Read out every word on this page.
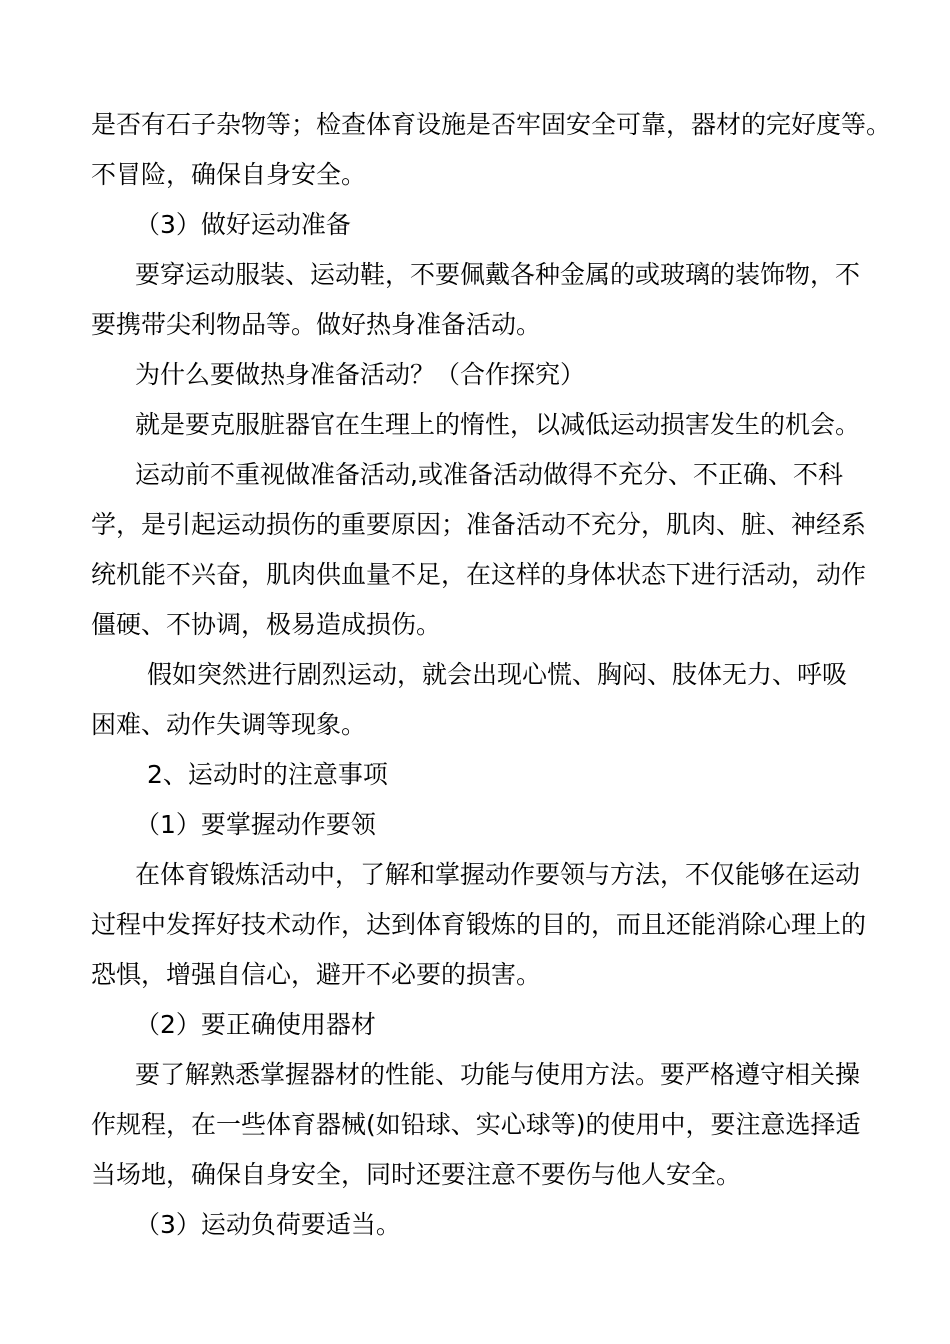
是否有石子杂物等；检查体育设施是否牢固安全可靠，器材的完好度等。

不冒险，确保自身安全。

（3）做好运动准备

要穿运动服装、运动鞋，不要佩戴各种金属的或玻璃的装饰物，不

要携带尖利物品等。做好热身准备活动。

为什么要做热身准备活动？（合作探究）

就是要克服脏器官在生理上的惰性，以减低运动损害发生的机会。

运动前不重视做准备活动,或准备活动做得不充分、不正确、不科

学，是引起运动损伤的重要原因；准备活动不充分，肌肉、脏、神经系

统机能不兴奋，肌肉供血量不足，在这样的身体状态下进行活动，动作

僵硬、不协调，极易造成损伤。

假如突然进行剧烈运动，就会出现心慌、胸闷、肢体无力、呼吸

困难、动作失调等现象。

2、运动时的注意事项

（1）要掌握动作要领

在体育锻炼活动中，了解和掌握动作要领与方法，不仅能够在运动

过程中发挥好技术动作，达到体育锻炼的目的，而且还能消除心理上的

恐惧，增强自信心，避开不必要的损害。

（2）要正确使用器材

要了解熟悉掌握器材的性能、功能与使用方法。要严格遵守相关操

作规程，在一些体育器械(如铅球、实心球等)的使用中，要注意选择适

当场地，确保自身安全，同时还要注意不要伤与他人安全。

（3）运动负荷要适当。
